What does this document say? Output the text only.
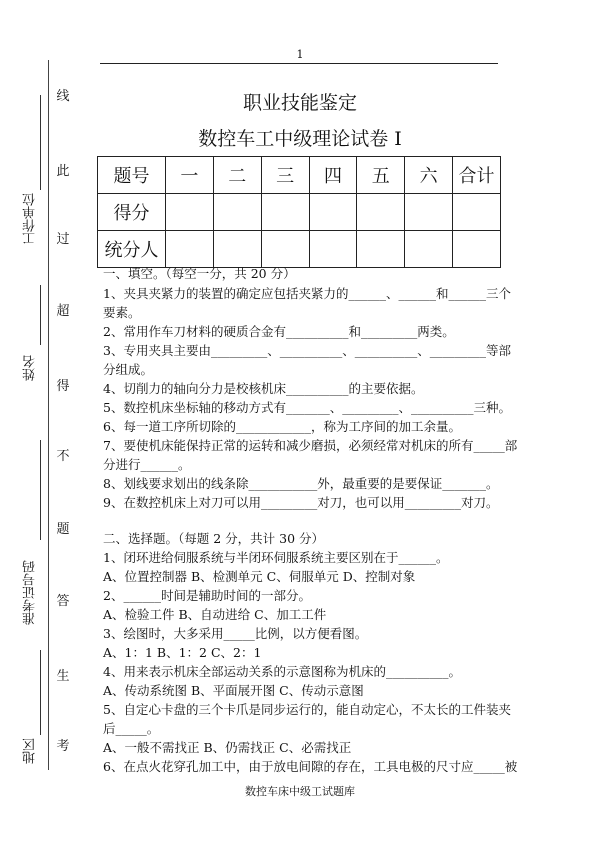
1
工作单位
姓名
准考证号码
地区
线
此
过
超
得
不
题
答
生
考
职业技能鉴定
数控车工中级理论试卷 I
题号	一	二	三	四	五	六	合计
得分							
统分人							
一、填空。（每空一分，共 20 分）
1、夹具夹紧力的装置的确定应包括夹紧力的______、______和______三个
要素。
2、常用作车刀材料的硬质合金有__________和_________两类。
3、专用夹具主要由_________、__________、__________、_________等部
分组成。
4、切削力的轴向分力是校核机床__________的主要依据。
5、数控机床坐标轴的移动方式有_______、_________、__________三种。
6、每一道工序所切除的____________，称为工序间的加工余量。
7、要使机床能保持正常的运转和减少磨损，必须经常对机床的所有_____部
分进行______。
8、划线要求划出的线条除___________外，最重要的是要保证_______。
9、在数控机床上对刀可以用_________对刀，也可以用_________对刀。
二、选择题。（每题 2 分，共计 30 分）
1、闭环进给伺服系统与半闭环伺服系统主要区别在于______。
A、位置控制器 B、检测单元 C、伺服单元 D、控制对象
2、______时间是辅助时间的一部分。
A、检验工件 B、自动进给 C、加工工件
3、绘图时，大多采用_____比例，以方便看图。
A、1：1 B、1：2 C、2：1
4、用来表示机床全部运动关系的示意图称为机床的__________。
A、传动系统图 B、平面展开图 C、传动示意图
5、自定心卡盘的三个卡爪是同步运行的，能自动定心，不太长的工件装夹
后_____。
A、一般不需找正 B、仍需找正 C、必需找正
6、在点火花穿孔加工中，由于放电间隙的存在，工具电极的尺寸应_____被
数控车床中级工试题库
